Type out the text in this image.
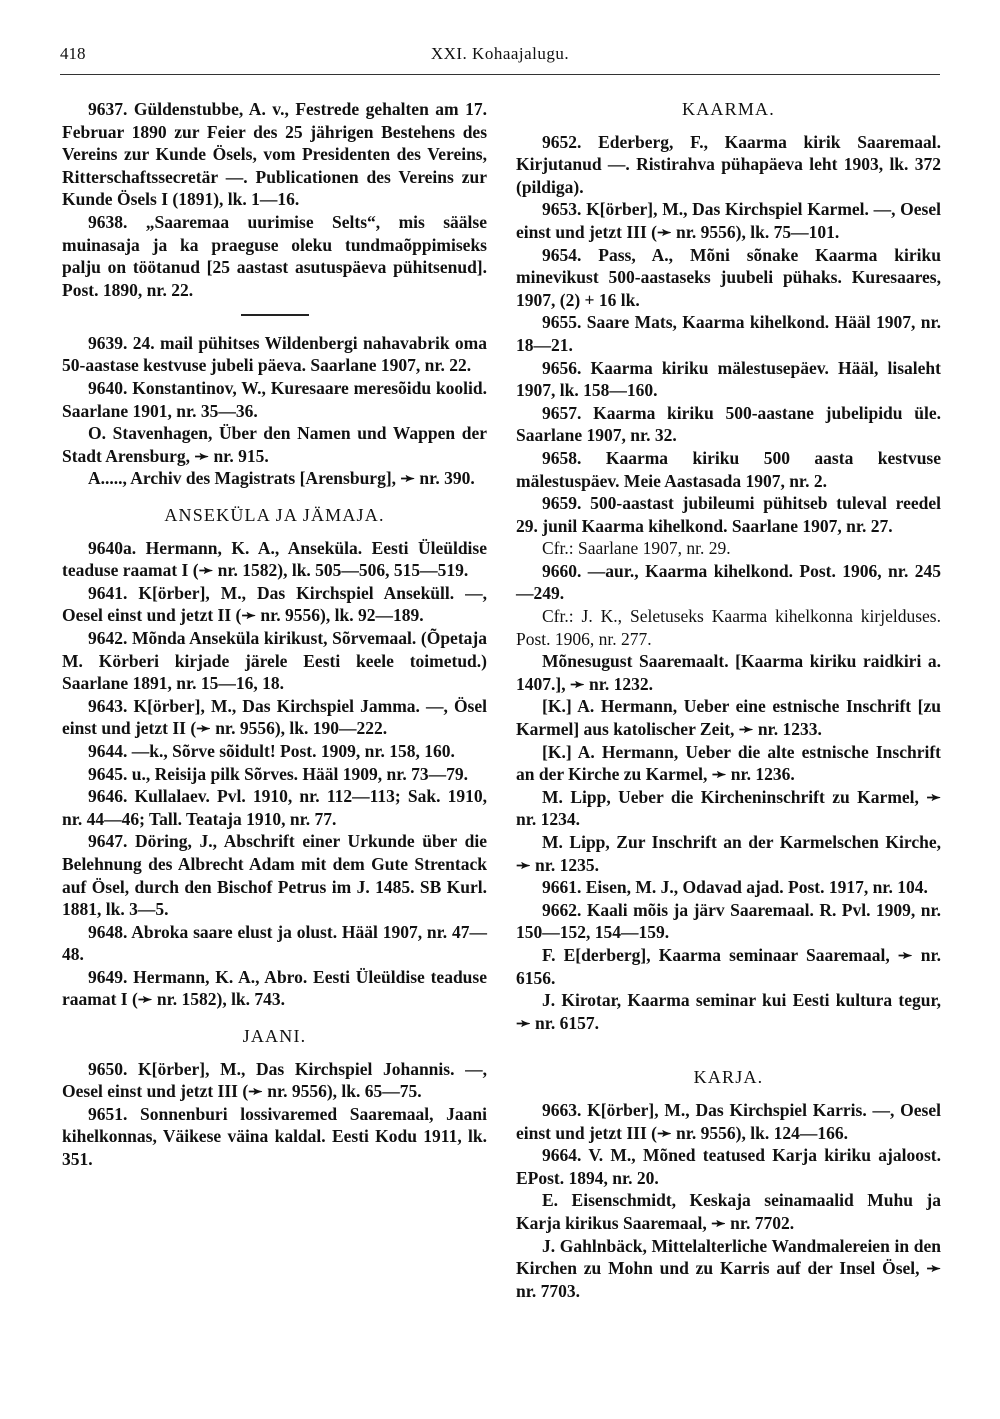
418	XXI. Kohaajalugu.

9637. Güldenstubbe, A. v., Festrede gehalten am 17. Februar 1890 zur Feier des 25 jährigen Bestehens des Vereins zur Kunde Ösels, vom Presidenten des Vereins, Ritterschaftssecretär —. Publicationen des Vereins zur Kunde Ösels I (1891), lk. 1—16.

9638. „Saaremaa uurimise Selts“, mis säälse muinasaja ja ka praeguse oleku tundmaõppimiseks palju on töötanud [25 aastast asutuspäeva pühitsenud]. Post. 1890, nr. 22.

9639. 24. mail pühitses Wildenbergi nahavabrik oma 50-aastase kestvuse jubeli päeva. Saarlane 1907, nr. 22.

9640. Konstantinov, W., Kuresaare meresõidu koolid. Saarlane 1901, nr. 35—36.

O. Stavenhagen, Über den Namen und Wappen der Stadt Arensburg, ➛ nr. 915.

A....., Archiv des Magistrats [Arensburg], ➛ nr. 390.

ANSEKÜLA JA JÄMAJA.

9640a. Hermann, K. A., Anseküla. Eesti Üleüldise teaduse raamat I (➛ nr. 1582), lk. 505—506, 515—519.

9641. K[örber], M., Das Kirchspiel Anseküll. —, Oesel einst und jetzt II (➛ nr. 9556), lk. 92—189.

9642. Mõnda Anseküla kirikust, Sõrvemaal. (Õpetaja M. Körberi kirjade järele Eesti keele toimetud.) Saarlane 1891, nr. 15—16, 18.

9643. K[örber], M., Das Kirchspiel Jamma. —, Ösel einst und jetzt II (➛ nr. 9556), lk. 190—222.

9644. —k., Sõrve sõidult! Post. 1909, nr. 158, 160.

9645. u., Reisija pilk Sõrves. Hääl 1909, nr. 73—79.

9646. Kullalaev. Pvl. 1910, nr. 112—113; Sak. 1910, nr. 44—46; Tall. Teataja 1910, nr. 77.

9647. Döring, J., Abschrift einer Urkunde über die Belehnung des Albrecht Adam mit dem Gute Strentack auf Ösel, durch den Bischof Petrus im J. 1485. SB Kurl. 1881, lk. 3—5.

9648. Abroka saare elust ja olust. Hääl 1907, nr. 47—48.

9649. Hermann, K. A., Abro. Eesti Üleüldise teaduse raamat I (➛ nr. 1582), lk. 743.

JAANI.

9650. K[örber], M., Das Kirchspiel Johannis. —, Oesel einst und jetzt III (➛ nr. 9556), lk. 65—75.

9651. Sonnenburi lossivaremed Saaremaal, Jaani kihelkonnas, Väikese väina kaldal. Eesti Kodu 1911, lk. 351.

KAARMA.

9652. Ederberg, F., Kaarma kirik Saaremaal. Kirjutanud —. Ristirahva pühapäeva leht 1903, lk. 372 (pildiga).

9653. K[örber], M., Das Kirchspiel Karmel. —, Oesel einst und jetzt III (➛ nr. 9556), lk. 75—101.

9654. Pass, A., Mõni sõnake Kaarma kiriku minevikust 500-aastaseks juubeli pühaks. Kuresaares, 1907, (2) + 16 lk.

9655. Saare Mats, Kaarma kihelkond. Hääl 1907, nr. 18—21.

9656. Kaarma kiriku mälestusepäev. Hääl, lisaleht 1907, lk. 158—160.

9657. Kaarma kiriku 500-aastane jubelipidu üle. Saarlane 1907, nr. 32.

9658. Kaarma kiriku 500 aasta kestvuse mälestuspäev. Meie Aastasada 1907, nr. 2.

9659. 500-aastast jubileumi pühitseb tuleval reedel 29. junil Kaarma kihelkond. Saarlane 1907, nr. 27.

Cfr.: Saarlane 1907, nr. 29.

9660. —aur., Kaarma kihelkond. Post. 1906, nr. 245—249.

Cfr.: J. K., Seletuseks Kaarma kihelkonna kirjelduses. Post. 1906, nr. 277.

Mõnesugust Saaremaalt. [Kaarma kiriku raidkiri a. 1407.], ➛ nr. 1232.

[K.] A. Hermann, Ueber eine estnische Inschrift [zu Karmel] aus katolischer Zeit, ➛ nr. 1233.

[K.] A. Hermann, Ueber die alte estnische Inschrift an der Kirche zu Karmel, ➛ nr. 1236.

M. Lipp, Ueber die Kircheninschrift zu Karmel, ➛ nr. 1234.

M. Lipp, Zur Inschrift an der Karmelschen Kirche, ➛ nr. 1235.

9661. Eisen, M. J., Odavad ajad. Post. 1917, nr. 104.

9662. Kaali mõis ja järv Saaremaal. R. Pvl. 1909, nr. 150—152, 154—159.

F. E[derberg], Kaarma seminaar Saaremaal, ➛ nr. 6156.

J. Kirotar, Kaarma seminar kui Eesti kultura tegur, ➛ nr. 6157.

KARJA.

9663. K[örber], M., Das Kirchspiel Karris. —, Oesel einst und jetzt III (➛ nr. 9556), lk. 124—166.

9664. V. M., Mõned teatused Karja kiriku ajaloost. EPost. 1894, nr. 20.

E. Eisenschmidt, Keskaja seinamaalid Muhu ja Karja kirikus Saaremaal, ➛ nr. 7702.

J. Gahlnbäck, Mittelalterliche Wandmalereien in den Kirchen zu Mohn und zu Karris auf der Insel Ösel, ➛ nr. 7703.
